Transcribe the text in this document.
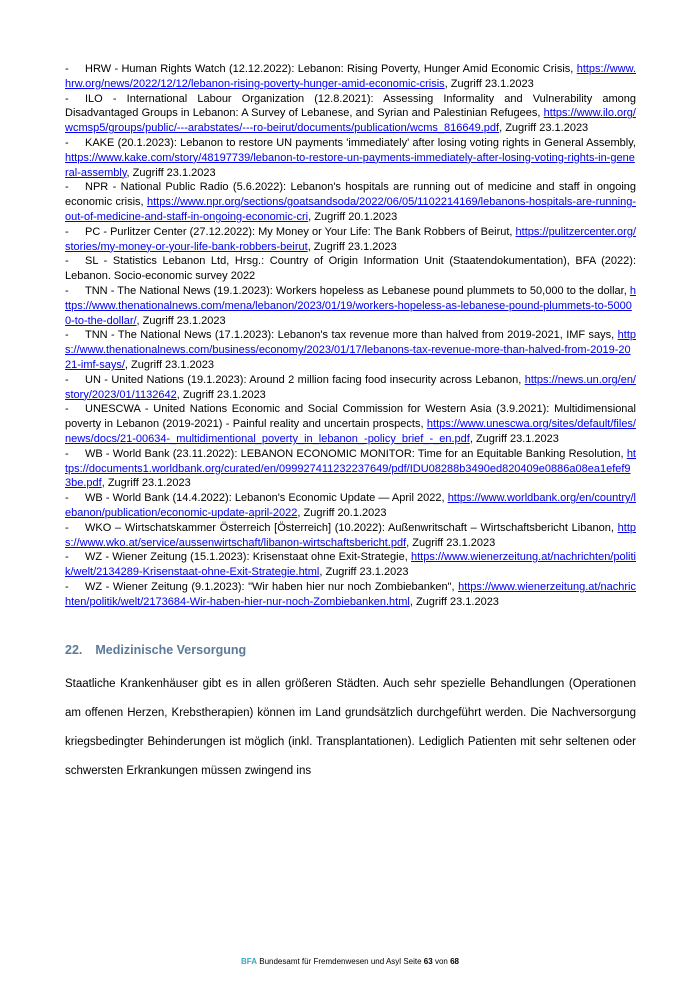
- HRW - Human Rights Watch (12.12.2022): Lebanon: Rising Poverty, Hunger Amid Economic Crisis, https://www.hrw.org/news/2022/12/12/lebanon-rising-poverty-hunger-amid-economic-crisis, Zugriff 23.1.2023
- ILO - International Labour Organization (12.8.2021): Assessing Informality and Vulnerability among Disadvantaged Groups in Lebanon: A Survey of Lebanese, and Syrian and Palestinian Refugees, https://www.ilo.org/wcmsp5/groups/public/---arabstates/---ro-beirut/documents/publication/wcms_816649.pdf, Zugriff 23.1.2023
- KAKE (20.1.2023): Lebanon to restore UN payments 'immediately' after losing voting rights in General Assembly, https://www.kake.com/story/48197739/lebanon-to-restore-un-payments-immediately-after-losing-voting-rights-in-general-assembly, Zugriff 23.1.2023
- NPR - National Public Radio (5.6.2022): Lebanon's hospitals are running out of medicine and staff in ongoing economic crisis, https://www.npr.org/sections/goatsandsoda/2022/06/05/1102214169/lebanons-hospitals-are-running-out-of-medicine-and-staff-in-ongoing-economic-cri, Zugriff 20.1.2023
- PC - Purlitzer Center (27.12.2022): My Money or Your Life: The Bank Robbers of Beirut, https://pulitzercenter.org/stories/my-money-or-your-life-bank-robbers-beirut, Zugriff 23.1.2023
- SL - Statistics Lebanon Ltd, Hrsg.: Country of Origin Information Unit (Staatendokumentation), BFA (2022): Lebanon. Socio-economic survey 2022
- TNN - The National News (19.1.2023): Workers hopeless as Lebanese pound plummets to 50,000 to the dollar, https://www.thenationalnews.com/mena/lebanon/2023/01/19/workers-hopeless-as-lebanese-pound-plummets-to-50000-to-the-dollar/, Zugriff 23.1.2023
- TNN - The National News (17.1.2023): Lebanon's tax revenue more than halved from 2019-2021, IMF says, https://www.thenationalnews.com/business/economy/2023/01/17/lebanons-tax-revenue-more-than-halved-from-2019-2021-imf-says/, Zugriff 23.1.2023
- UN - United Nations (19.1.2023): Around 2 million facing food insecurity across Lebanon, https://news.un.org/en/story/2023/01/1132642, Zugriff 23.1.2023
- UNESCWA - United Nations Economic and Social Commission for Western Asia (3.9.2021): Multidimensional poverty in Lebanon (2019-2021) - Painful reality and uncertain prospects, https://www.unescwa.org/sites/default/files/news/docs/21-00634-_multidimentional_poverty_in_lebanon_-policy_brief_-_en.pdf, Zugriff 23.1.2023
- WB - World Bank (23.11.2022): LEBANON ECONOMIC MONITOR: Time for an Equitable Banking Resolution, https://documents1.worldbank.org/curated/en/099927411232237649/pdf/IDU08288b3490ed820409e0886a08ea1efef93be.pdf, Zugriff 23.1.2023
- WB - World Bank (14.4.2022): Lebanon's Economic Update — April 2022, https://www.worldbank.org/en/country/lebanon/publication/economic-update-april-2022, Zugriff 20.1.2023
- WKO – Wirtschatskammer Österreich [Österreich] (10.2022): Außenwritschaft – Wirtschaftsbericht Libanon, https://www.wko.at/service/aussenwirtschaft/libanon-wirtschaftsbericht.pdf, Zugriff 23.1.2023
- WZ - Wiener Zeitung (15.1.2023): Krisenstaat ohne Exit-Strategie, https://www.wienerzeitung.at/nachrichten/politik/welt/2134289-Krisenstaat-ohne-Exit-Strategie.html, Zugriff 23.1.2023
- WZ - Wiener Zeitung (9.1.2023): "Wir haben hier nur noch Zombiebanken", https://www.wienerzeitung.at/nachrichten/politik/welt/2173684-Wir-haben-hier-nur-noch-Zombiebanken.html, Zugriff 23.1.2023
22. Medizinische Versorgung

Staatliche Krankenhäuser gibt es in allen größeren Städten. Auch sehr spezielle Behandlungen (Operationen am offenen Herzen, Krebstherapien) können im Land grundsätzlich durchgeführt werden. Die Nachversorgung kriegsbedingter Behinderungen ist möglich (inkl. Transplantationen). Lediglich Patienten mit sehr seltenen oder schwersten Erkrankungen müssen zwingend ins

BFA Bundesamt für Fremdenwesen und Asyl Seite 63 von 68
